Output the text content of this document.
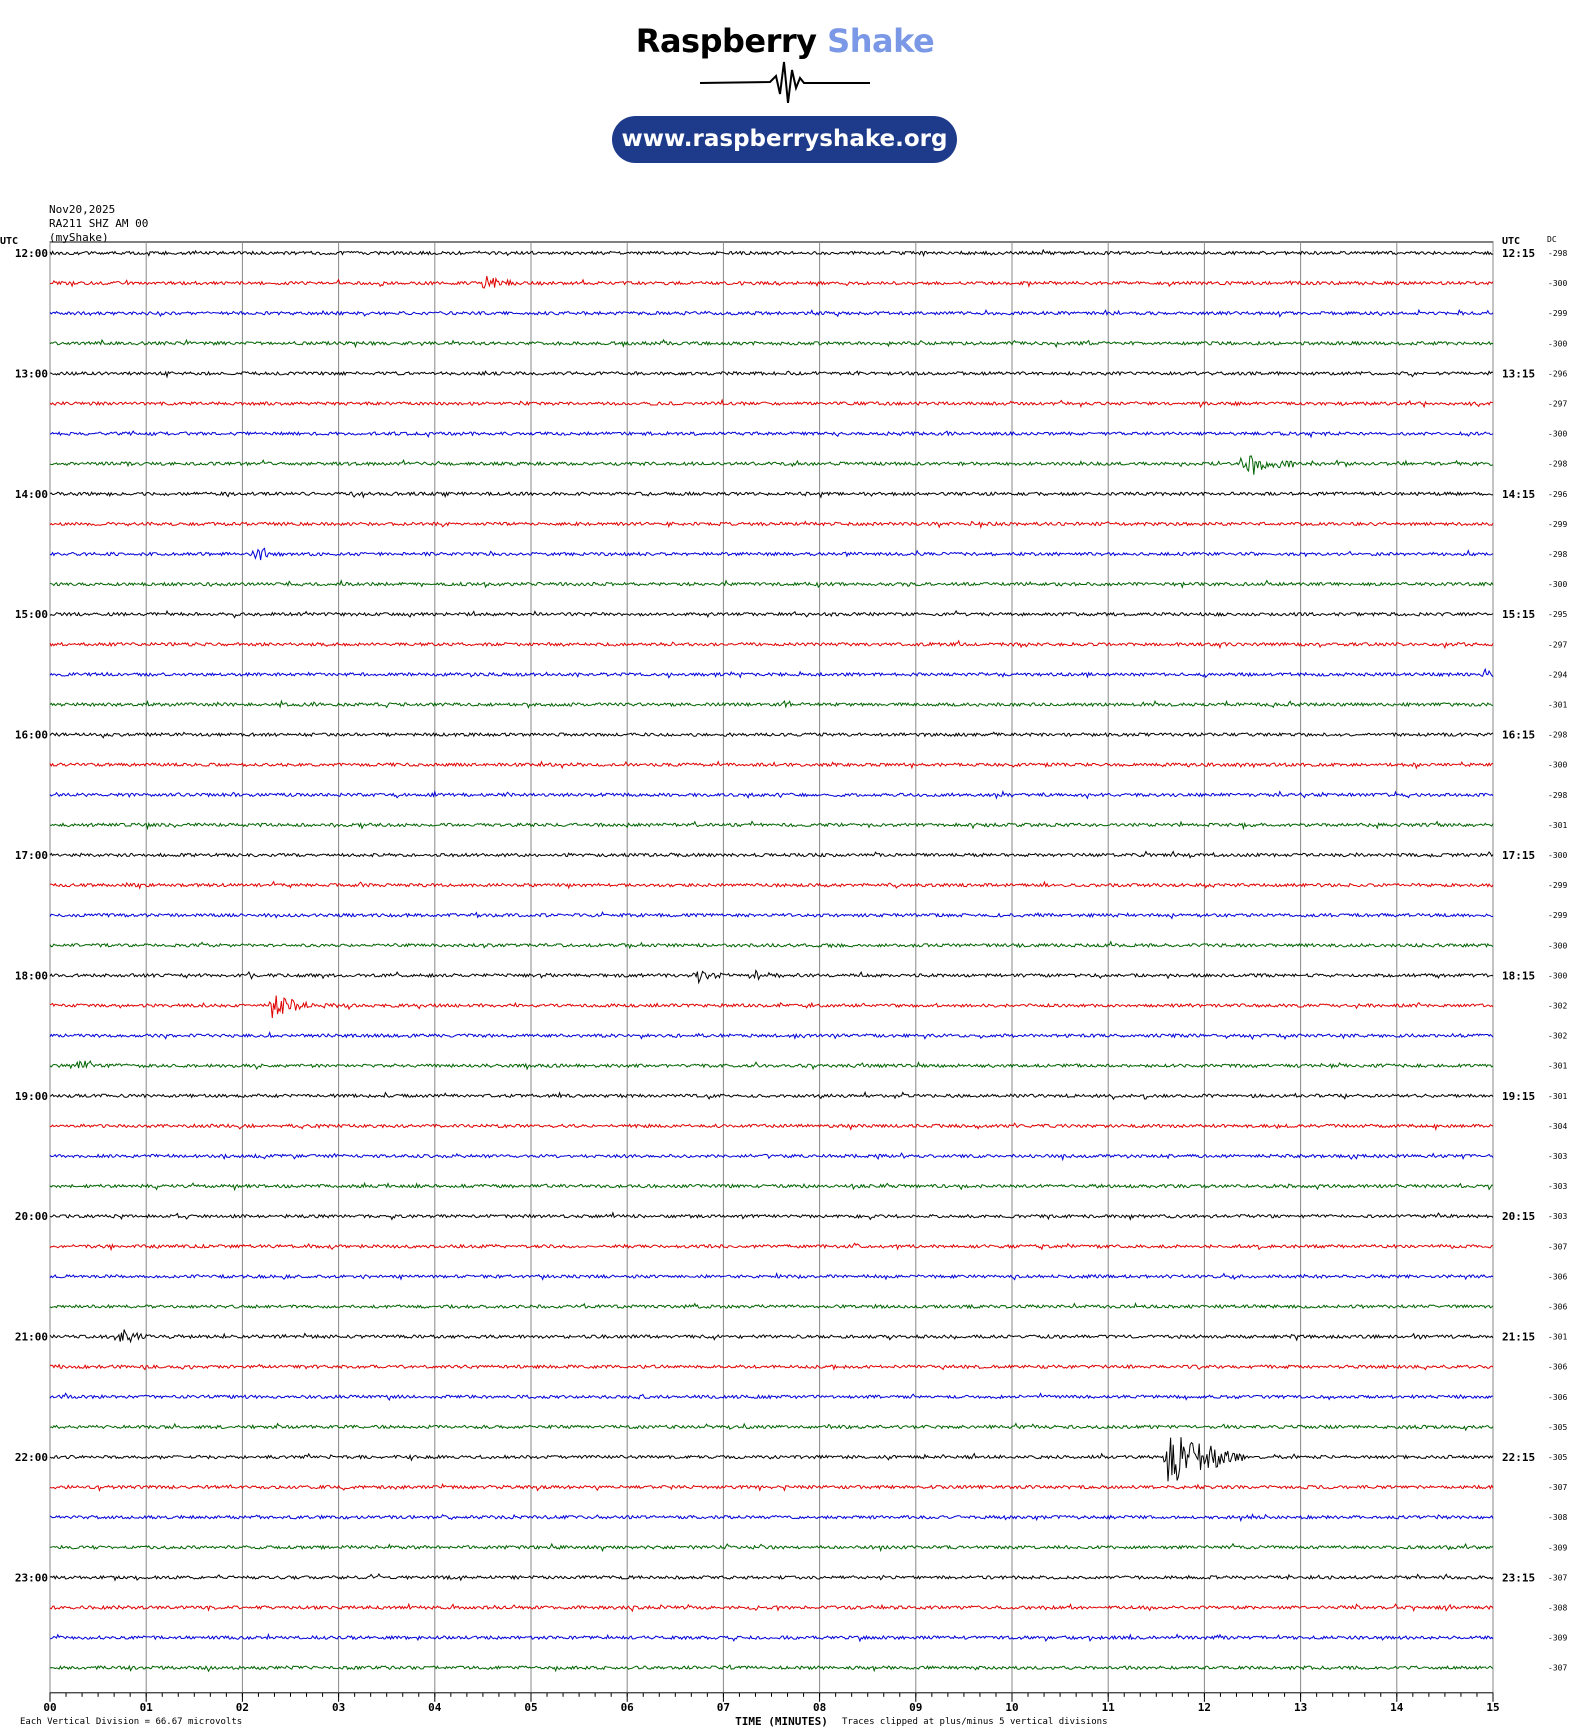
Raspberry Shake
www.raspberryshake.org
Nov20,2025
RA211 SHZ AM 00
(myShake)
00	01	02	03	04	05	06	07	08	09	10	11	12	13	14	15
UTC	UTC	DC
TIME (MINUTES)
12:00	12:15 -298
-300
-299
-300
13:00	13:15 -296
-297
-300
-298
14:00	14:15 -296
-299
-298
-300
15:00	15:15 -295
-297
-294
-301
16:00	16:15 -298
-300
-298
-301
17:00	17:15 -300
-299
-299
-300
18:00	18:15 -300
-302
-302
-301
19:00	19:15 -301
-304
-303
-303
20:00	20:15 -303
-307
-306
-306
21:00	21:15 -301
-306
-306
-305
22:00	22:15 -305
-307
-308
-309
23:00	23:15 -307
-308
-309
-307
Each Vertical Division = 66.67 microvolts	Traces clipped at plus/minus 5 vertical divisions
